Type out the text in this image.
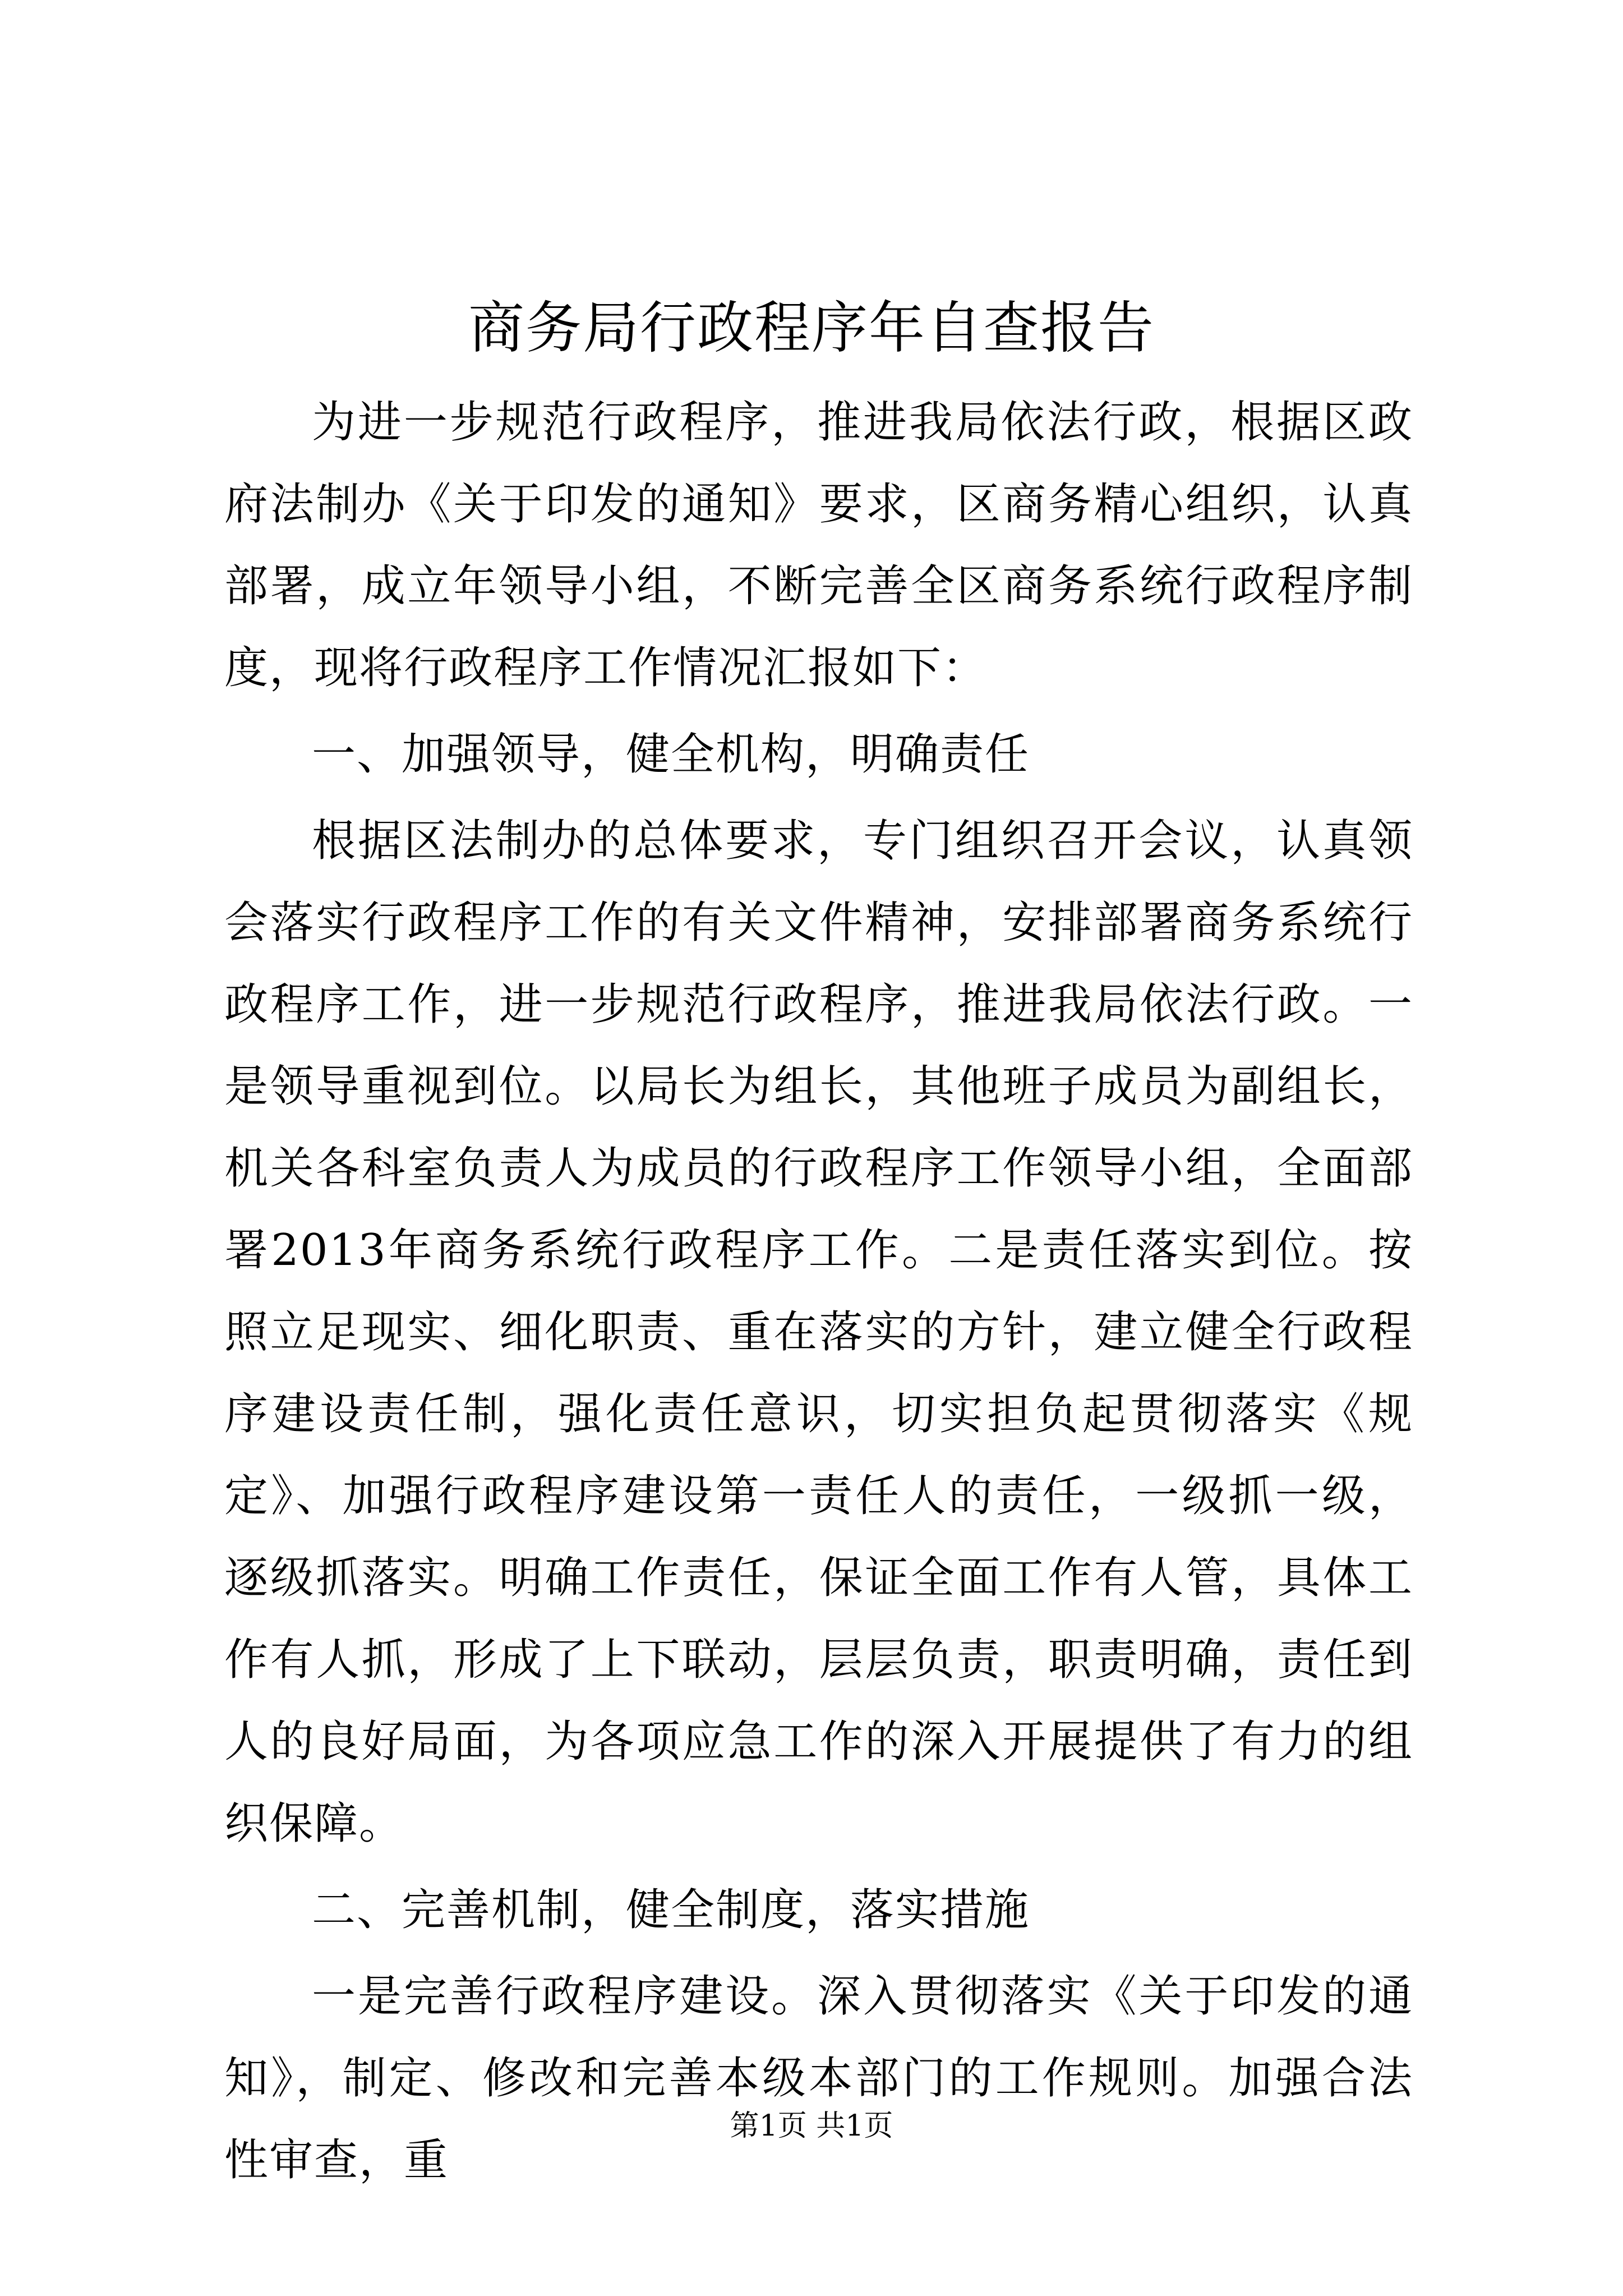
商务局行政程序年自查报告

为进一步规范行政程序，推进我局依法行政，根据区政府法制办《关于印发的通知》要求，区商务精心组织，认真部署，成立年领导小组，不断完善全区商务系统行政程序制度，现将行政程序工作情况汇报如下：

一、加强领导，健全机构，明确责任

根据区法制办的总体要求，专门组织召开会议，认真领会落实行政程序工作的有关文件精神，安排部署商务系统行政程序工作，进一步规范行政程序，推进我局依法行政。一是领导重视到位。以局长为组长，其他班子成员为副组长，机关各科室负责人为成员的行政程序工作领导小组，全面部署2013年商务系统行政程序工作。二是责任落实到位。按照立足现实、细化职责、重在落实的方针，建立健全行政程序建设责任制，强化责任意识，切实担负起贯彻落实《规定》、加强行政程序建设第一责任人的责任，一级抓一级，逐级抓落实。明确工作责任，保证全面工作有人管，具体工作有人抓，形成了上下联动，层层负责，职责明确，责任到人的良好局面，为各项应急工作的深入开展提供了有力的组织保障。

二、完善机制，健全制度，落实措施

一是完善行政程序建设。深入贯彻落实《关于印发的通知》，制定、修改和完善本级本部门的工作规则。加强合法性审查，重

第1页 共1页
